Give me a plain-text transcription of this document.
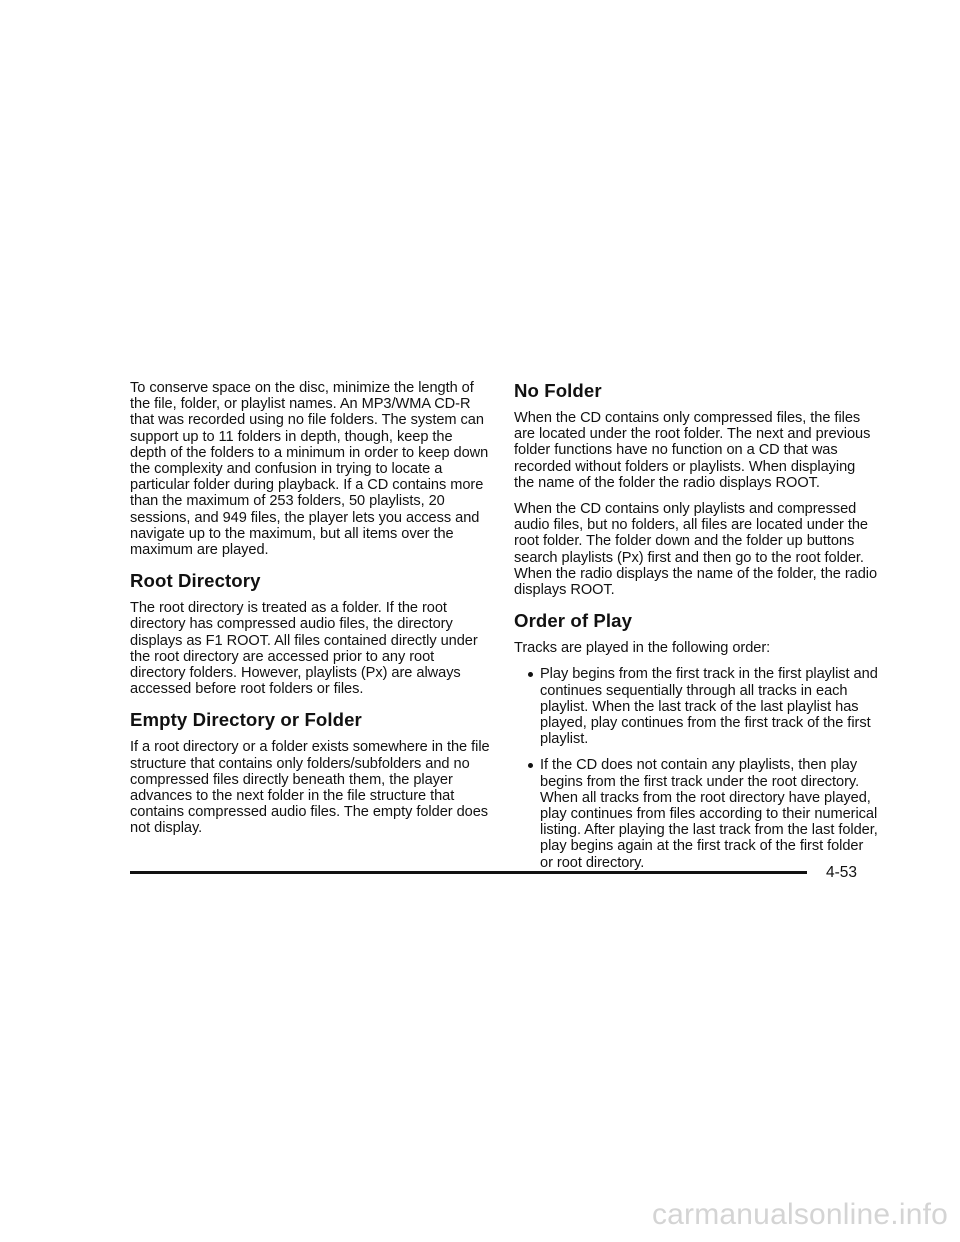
To conserve space on the disc, minimize the length of the file, folder, or playlist names. An MP3/WMA CD-R that was recorded using no file folders. The system can support up to 11 folders in depth, though, keep the depth of the folders to a minimum in order to keep down the complexity and confusion in trying to locate a particular folder during playback. If a CD contains more than the maximum of 253 folders, 50 playlists, 20 sessions, and 949 files, the player lets you access and navigate up to the maximum, but all items over the maximum are played.

Root Directory

The root directory is treated as a folder. If the root directory has compressed audio files, the directory displays as F1 ROOT. All files contained directly under the root directory are accessed prior to any root directory folders. However, playlists (Px) are always accessed before root folders or files.

Empty Directory or Folder

If a root directory or a folder exists somewhere in the file structure that contains only folders/subfolders and no compressed files directly beneath them, the player advances to the next folder in the file structure that contains compressed audio files. The empty folder does not display.

No Folder

When the CD contains only compressed files, the files are located under the root folder. The next and previous folder functions have no function on a CD that was recorded without folders or playlists. When displaying the name of the folder the radio displays ROOT.

When the CD contains only playlists and compressed audio files, but no folders, all files are located under the root folder. The folder down and the folder up buttons search playlists (Px) first and then go to the root folder. When the radio displays the name of the folder, the radio displays ROOT.

Order of Play

Tracks are played in the following order:

Play begins from the first track in the first playlist and continues sequentially through all tracks in each playlist. When the last track of the last playlist has played, play continues from the first track of the first playlist.
If the CD does not contain any playlists, then play begins from the first track under the root directory. When all tracks from the root directory have played, play continues from files according to their numerical listing. After playing the last track from the last folder, play begins again at the first track of the first folder or root directory.
4-53
carmanualsonline.info
